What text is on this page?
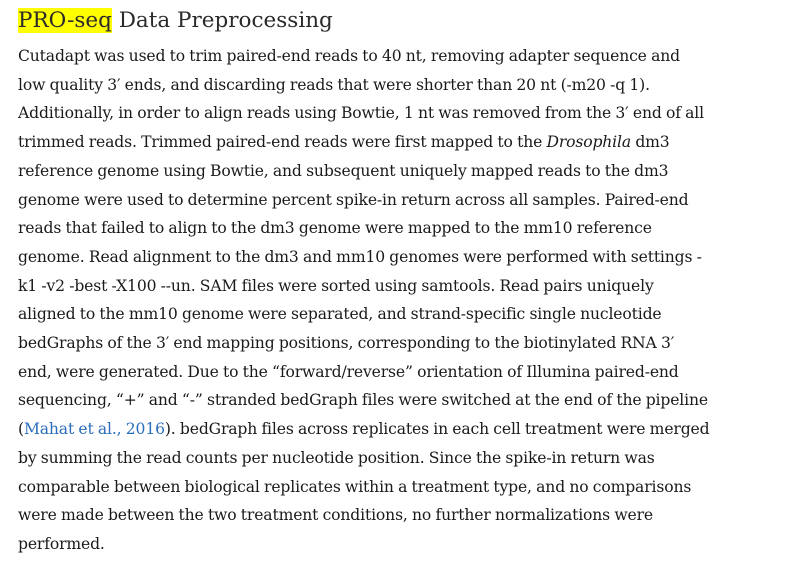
PRO-seq Data Preprocessing

Cutadapt was used to trim paired-end reads to 40 nt, removing adapter sequence and
low quality 3′ ends, and discarding reads that were shorter than 20 nt (-m20 -q 1).
Additionally, in order to align reads using Bowtie, 1 nt was removed from the 3′ end of all
trimmed reads. Trimmed paired-end reads were first mapped to the Drosophila dm3
reference genome using Bowtie, and subsequent uniquely mapped reads to the dm3
genome were used to determine percent spike-in return across all samples. Paired-end
reads that failed to align to the dm3 genome were mapped to the mm10 reference
genome. Read alignment to the dm3 and mm10 genomes were performed with settings -
k1 -v2 -best -X100 --un. SAM files were sorted using samtools. Read pairs uniquely
aligned to the mm10 genome were separated, and strand-specific single nucleotide
bedGraphs of the 3′ end mapping positions, corresponding to the biotinylated RNA 3′
end, were generated. Due to the “forward/reverse” orientation of Illumina paired-end
sequencing, “+” and “-” stranded bedGraph files were switched at the end of the pipeline
(Mahat et al., 2016). bedGraph files across replicates in each cell treatment were merged
by summing the read counts per nucleotide position. Since the spike-in return was
comparable between biological replicates within a treatment type, and no comparisons
were made between the two treatment conditions, no further normalizations were
performed.
